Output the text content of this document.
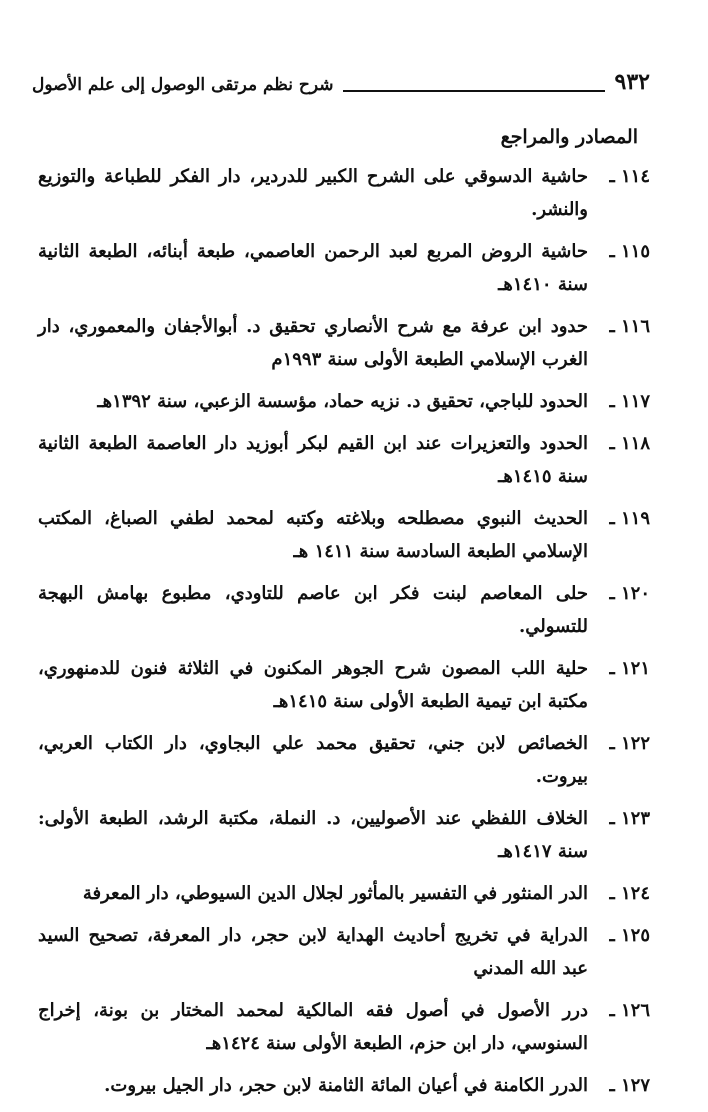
٩٣٢
شرح نظم مرتقى الوصول إلى علم الأصول
المصادر والمراجع
١١٤ ـ
حاشية الدسوقي على الشرح الكبير للدردير، دار الفكر للطباعة والتوزيع والنشر.
١١٥ ـ
حاشية الروض المربع لعبد الرحمن العاصمي، طبعة أبنائه، الطبعة الثانية سنة ١٤١٠هـ
١١٦ ـ
حدود ابن عرفة مع شرح الأنصاري تحقيق د. أبوالأجفان والمعموري، دار الغرب الإسلامي الطبعة الأولى سنة ١٩٩٣م
١١٧ ـ
الحدود للباجي، تحقيق د. نزيه حماد، مؤسسة الزعبي، سنة ١٣٩٢هـ
١١٨ ـ
الحدود والتعزيرات عند ابن القيم لبكر أبوزيد دار العاصمة الطبعة الثانية سنة ١٤١٥هـ
١١٩ ـ
الحديث النبوي مصطلحه وبلاغته وكتبه لمحمد لطفي الصباغ، المكتب الإسلامي الطبعة السادسة سنة ١٤١١ هـ
١٢٠ ـ
حلى المعاصم لبنت فكر ابن عاصم للتاودي، مطبوع بهامش البهجة للتسولي.
١٢١ ـ
حلية اللب المصون شرح الجوهر المكنون في الثلاثة فنون للدمنهوري، مكتبة ابن تيمية الطبعة الأولى سنة ١٤١٥هـ
١٢٢ ـ
الخصائص لابن جني، تحقيق محمد علي البجاوي، دار الكتاب العربي، بيروت.
١٢٣ ـ
الخلاف اللفظي عند الأصوليين، د. النملة، مكتبة الرشد، الطبعة الأولى: سنة ١٤١٧هـ
١٢٤ ـ
الدر المنثور في التفسير بالمأثور لجلال الدين السيوطي، دار المعرفة
١٢٥ ـ
الدراية في تخريج أحاديث الهداية لابن حجر، دار المعرفة، تصحيح السيد عبد الله المدني
١٢٦ ـ
درر الأصول في أصول فقه المالكية لمحمد المختار بن بونة، إخراج السنوسي، دار ابن حزم، الطبعة الأولى سنة ١٤٢٤هـ
١٢٧ ـ
الدرر الكامنة في أعيان المائة الثامنة لابن حجر، دار الجيل بيروت.
